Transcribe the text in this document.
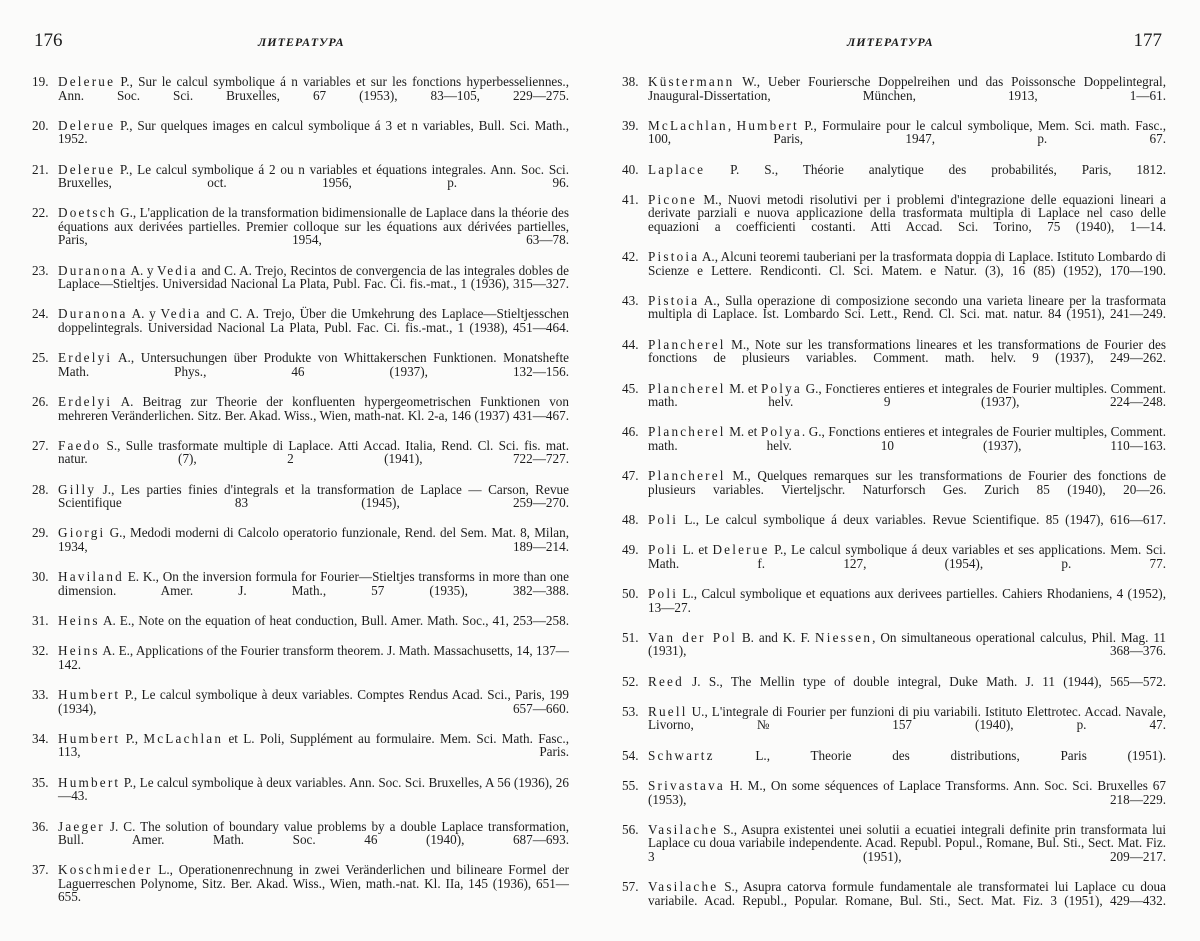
176	ЛИТЕРАТУРА
19. Delerue P., Sur le calcul symbolique á n variables et sur les fonctions hyperbesseliennes., Ann. Soc. Sci. Bruxelles, 67 (1953), 83—105, 229—275.
20. Delerue P., Sur quelques images en calcul symbolique á 3 et n variables, Bull. Sci. Math., 1952.
21. Delerue P., Le calcul symbolique á 2 ou n variables et équations integrales. Ann. Soc. Sci. Bruxelles, oct. 1956, p. 96.
22. Doetsch G., L'application de la transformation bidimensionalle de Laplace dans la théorie des équations aux derivées partielles. Premier colloque sur les équations aux dérivées partielles, Paris, 1954, 63—78.
23. Duranona A. y Vedia and C. A. Trejo, Recintos de convergencia de las integrales dobles de Laplace—Stieltjes. Universidad Nacional La Plata, Publ. Fac. Ci. fis.-mat., 1 (1936), 315—327.
24. Duranona A. y Vedia and C. A. Trejo, Über die Umkehrung des Laplace—Stieltjesschen doppelintegrals. Universidad Nacional La Plata, Publ. Fac. Ci. fis.-mat., 1 (1938), 451—464.
25. Erdelyi A., Untersuchungen über Produkte von Whittakerschen Funktionen. Monatshefte Math. Phys., 46 (1937), 132—156.
26. Erdelyi A. Beitrag zur Theorie der konfluenten hypergeometrischen Funktionen von mehreren Veränderlichen. Sitz. Ber. Akad. Wiss., Wien, math-nat. Kl. 2-a, 146 (1937) 431—467.
27. Faedo S., Sulle trasformate multiple di Laplace. Atti Accad. Italia, Rend. Cl. Sci. fis. mat. natur. (7), 2 (1941), 722—727.
28. Gilly J., Les parties finies d'integrals et la transformation de Laplace — Carson, Revue Scientifique 83 (1945), 259—270.
29. Giorgi G., Medodi moderni di Calcolo operatorio funzionale, Rend. del Sem. Mat. 8, Milan, 1934, 189—214.
30. Haviland E. K., On the inversion formula for Fourier—Stieltjes transforms in more than one dimension. Amer. J. Math., 57 (1935), 382—388.
31. Heins A. E., Note on the equation of heat conduction, Bull. Amer. Math. Soc., 41, 253—258.
32. Heins A. E., Applications of the Fourier transform theorem. J. Math. Massachusetts, 14, 137—142.
33. Humbert P., Le calcul symbolique à deux variables. Comptes Rendus Acad. Sci., Paris, 199 (1934), 657—660.
34. Humbert P., McLachlan et L. Poli, Supplément au formulaire. Mem. Sci. Math. Fasc., 113, Paris.
35. Humbert P., Le calcul symbolique à deux variables. Ann. Soc. Sci. Bruxelles, A 56 (1936), 26—43.
36. Jaeger J. C. The solution of boundary value problems by a double Laplace transformation, Bull. Amer. Math. Soc. 46 (1940), 687—693.
37. Koschmieder L., Operationenrechnung in zwei Veränderlichen und bilineare Formel der Laguerreschen Polynome, Sitz. Ber. Akad. Wiss., Wien, math.-nat. Kl. IIa, 145 (1936), 651—655.
ЛИТЕРАТУРА	177
38. Küstermann W., Ueber Fouriersche Doppelreihen und das Poissonsche Doppelintegral, Jnaugural-Dissertation, München, 1913, 1—61.
39. McLachlan, Humbert P., Formulaire pour le calcul symbolique, Mem. Sci. math. Fasc., 100, Paris, 1947, p. 67.
40. Laplace P. S., Théorie analytique des probabilités, Paris, 1812.
41. Picone M., Nuovi metodi risolutivi per i problemi d'integrazione delle equazioni lineari a derivate parziali e nuova applicazione della trasformata multipla di Laplace nel caso delle equazioni a coefficienti costanti. Atti Accad. Sci. Torino, 75 (1940), 1—14.
42. Pistoia A., Alcuni teoremi tauberiani per la trasformata doppia di Laplace. Istituto Lombardo di Scienze e Lettere. Rendiconti. Cl. Sci. Matem. e Natur. (3), 16 (85) (1952), 170—190.
43. Pistoia A., Sulla operazione di composizione secondo una varieta lineare per la trasformata multipla di Laplace. Ist. Lombardo Sci. Lett., Rend. Cl. Sci. mat. natur. 84 (1951), 241—249.
44. Plancherel M., Note sur les transformations lineares et les transformations de Fourier des fonctions de plusieurs variables. Comment. math. helv. 9 (1937), 249—262.
45. Plancherel M. et Polya G., Fonctieres entieres et integrales de Fourier multiples. Comment. math. helv. 9 (1937), 224—248.
46. Plancherel M. et Polya. G., Fonctions entieres et integrales de Fourier multiples, Comment. math. helv. 10 (1937), 110—163.
47. Plancherel M., Quelques remarques sur les transformations de Fourier des fonctions de plusieurs variables. Vierteljschr. Naturforsch Ges. Zurich 85 (1940), 20—26.
48. Poli L., Le calcul symbolique á deux variables. Revue Scientifique. 85 (1947), 616—617.
49. Poli L. et Delerue P., Le calcul symbolique á deux variables et ses applications. Mem. Sci. Math. f. 127, (1954), p. 77.
50. Poli L., Calcul symbolique et equations aux derivees partielles. Cahiers Rhodaniens, 4 (1952), 13—27.
51. Van der Pol B. and K. F. Niessen, On simultaneous operational calculus, Phil. Mag. 11 (1931), 368—376.
52. Reed J. S., The Mellin type of double integral, Duke Math. J. 11 (1944), 565—572.
53. Ruell U., L'integrale di Fourier per funzioni di piu variabili. Istituto Elettrotec. Accad. Navale, Livorno, № 157 (1940), p. 47.
54. Schwartz L., Theorie des distributions, Paris (1951).
55. Srivastava H. M., On some séquences of Laplace Transforms. Ann. Soc. Sci. Bruxelles 67 (1953), 218—229.
56. Vasilache S., Asupra existentei unei solutii a ecuatiei integrali definite prin transformata lui Laplace cu doua variabile independente. Acad. Republ. Popul., Romane, Bul. Sti., Sect. Mat. Fiz. 3 (1951), 209—217.
57. Vasilache S., Asupra catorva formule fundamentale ale transformatei lui Laplace cu doua variabile. Acad. Republ., Popular. Romane, Bul. Sti., Sect. Mat. Fiz. 3 (1951), 429—432.
